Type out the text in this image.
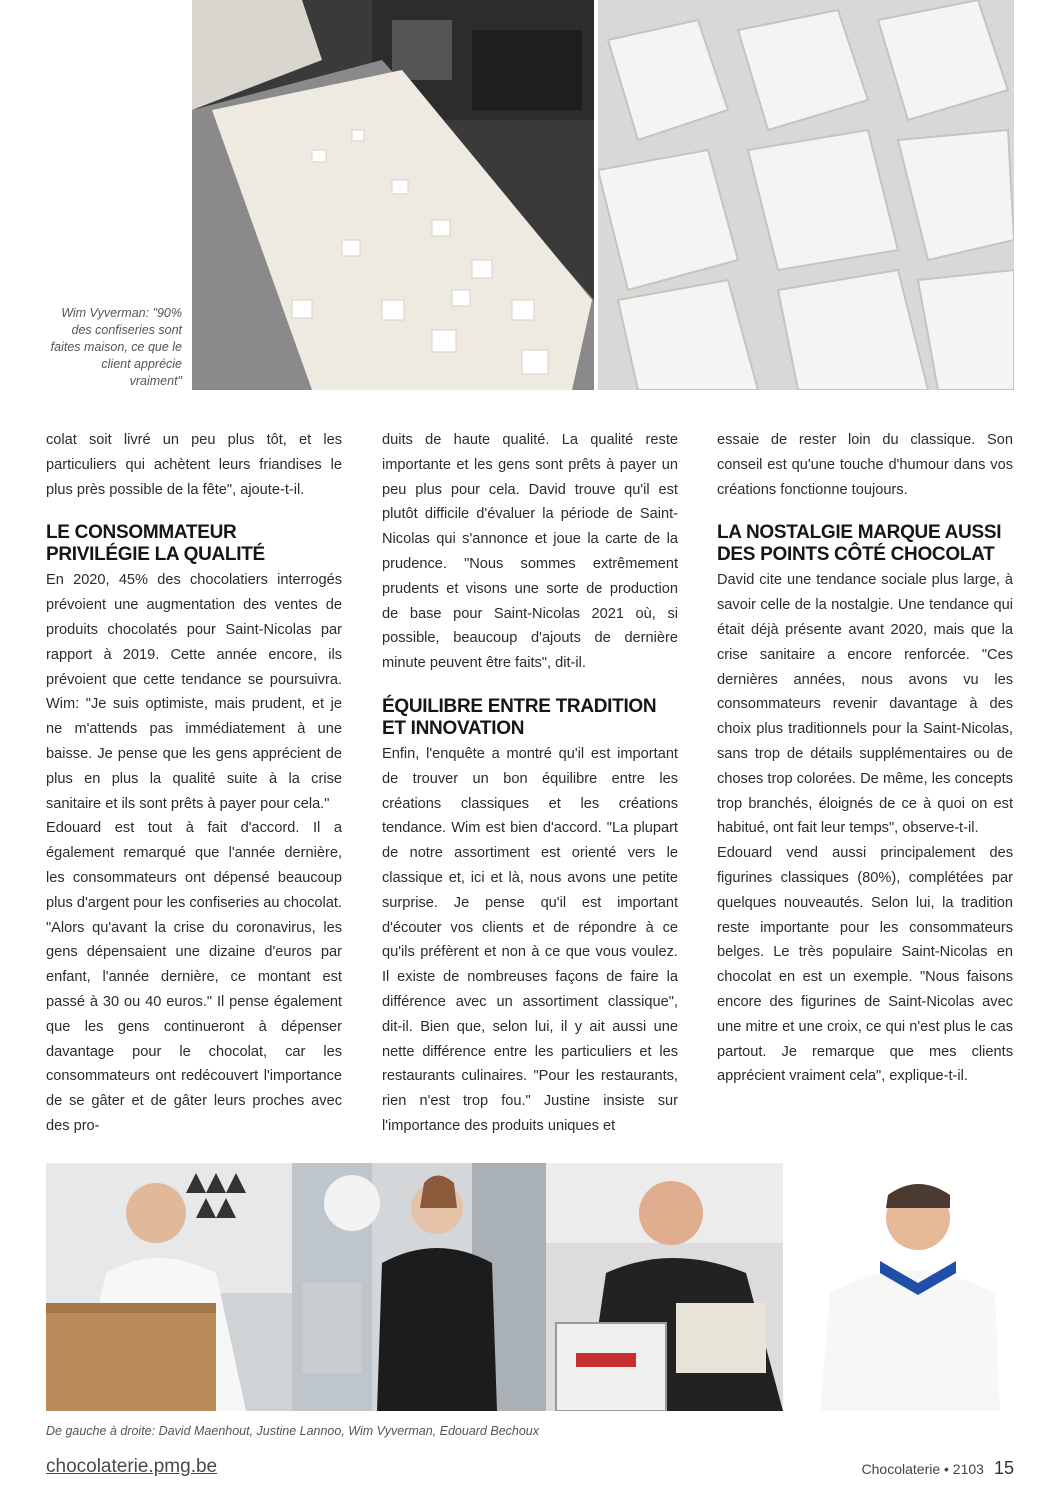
Wim Vyverman: "90% des confiseries sont faites maison, ce que le client apprécie vraiment"

colat soit livré un peu plus tôt, et les particuliers qui achètent leurs friandises le plus près possible de la fête", ajoute-t-il.

LE CONSOMMATEUR PRIVILÉGIE LA QUALITÉ

En 2020, 45% des chocolatiers interrogés prévoient une augmentation des ventes de produits chocolatés pour Saint-Nicolas par rapport à 2019. Cette année encore, ils prévoient que cette tendance se poursuivra. Wim: "Je suis optimiste, mais prudent, et je ne m'attends pas immédiatement à une baisse. Je pense que les gens apprécient de plus en plus la qualité suite à la crise sanitaire et ils sont prêts à payer pour cela."

Edouard est tout à fait d'accord. Il a également remarqué que l'année dernière, les consommateurs ont dépensé beaucoup plus d'argent pour les confiseries au chocolat. "Alors qu'avant la crise du coronavirus, les gens dépensaient une dizaine d'euros par enfant, l'année dernière, ce montant est passé à 30 ou 40 euros." Il pense également que les gens continueront à dépenser davantage pour le chocolat, car les consommateurs ont redécouvert l'importance de se gâter et de gâter leurs proches avec des pro-

duits de haute qualité. La qualité reste importante et les gens sont prêts à payer un peu plus pour cela. David trouve qu'il est plutôt difficile d'évaluer la période de Saint-Nicolas qui s'annonce et joue la carte de la prudence. "Nous sommes extrêmement prudents et visons une sorte de production de base pour Saint-Nicolas 2021 où, si possible, beaucoup d'ajouts de dernière minute peuvent être faits", dit-il.

ÉQUILIBRE ENTRE TRADITION ET INNOVATION

Enfin, l'enquête a montré qu'il est important de trouver un bon équilibre entre les créations classiques et les créations tendance. Wim est bien d'accord. "La plupart de notre assortiment est orienté vers le classique et, ici et là, nous avons une petite surprise. Je pense qu'il est important d'écouter vos clients et de répondre à ce qu'ils préfèrent et non à ce que vous voulez. Il existe de nombreuses façons de faire la différence avec un assortiment classique", dit-il. Bien que, selon lui, il y ait aussi une nette différence entre les particuliers et les restaurants culinaires. "Pour les restaurants, rien n'est trop fou." Justine insiste sur l'importance des produits uniques et

essaie de rester loin du classique. Son conseil est qu'une touche d'humour dans vos créations fonctionne toujours.

LA NOSTALGIE MARQUE AUSSI DES POINTS CÔTÉ CHOCOLAT

David cite une tendance sociale plus large, à savoir celle de la nostalgie. Une tendance qui était déjà présente avant 2020, mais que la crise sanitaire a encore renforcée. "Ces dernières années, nous avons vu les consommateurs revenir davantage à des choix plus traditionnels pour la Saint-Nicolas, sans trop de détails supplémentaires ou de choses trop colorées. De même, les concepts trop branchés, éloignés de ce à quoi on est habitué, ont fait leur temps", observe-t-il.

Edouard vend aussi principalement des figurines classiques (80%), complétées par quelques nouveautés. Selon lui, la tradition reste importante pour les consommateurs belges. Le très populaire Saint-Nicolas en chocolat en est un exemple. "Nous faisons encore des figurines de Saint-Nicolas avec une mitre et une croix, ce qui n'est plus le cas partout. Je remarque que mes clients apprécient vraiment cela", explique-t-il.

De gauche à droite: David Maenhout, Justine Lannoo, Wim Vyverman, Edouard Bechoux
chocolaterie.pmg.be	Chocolaterie • 2103 15
